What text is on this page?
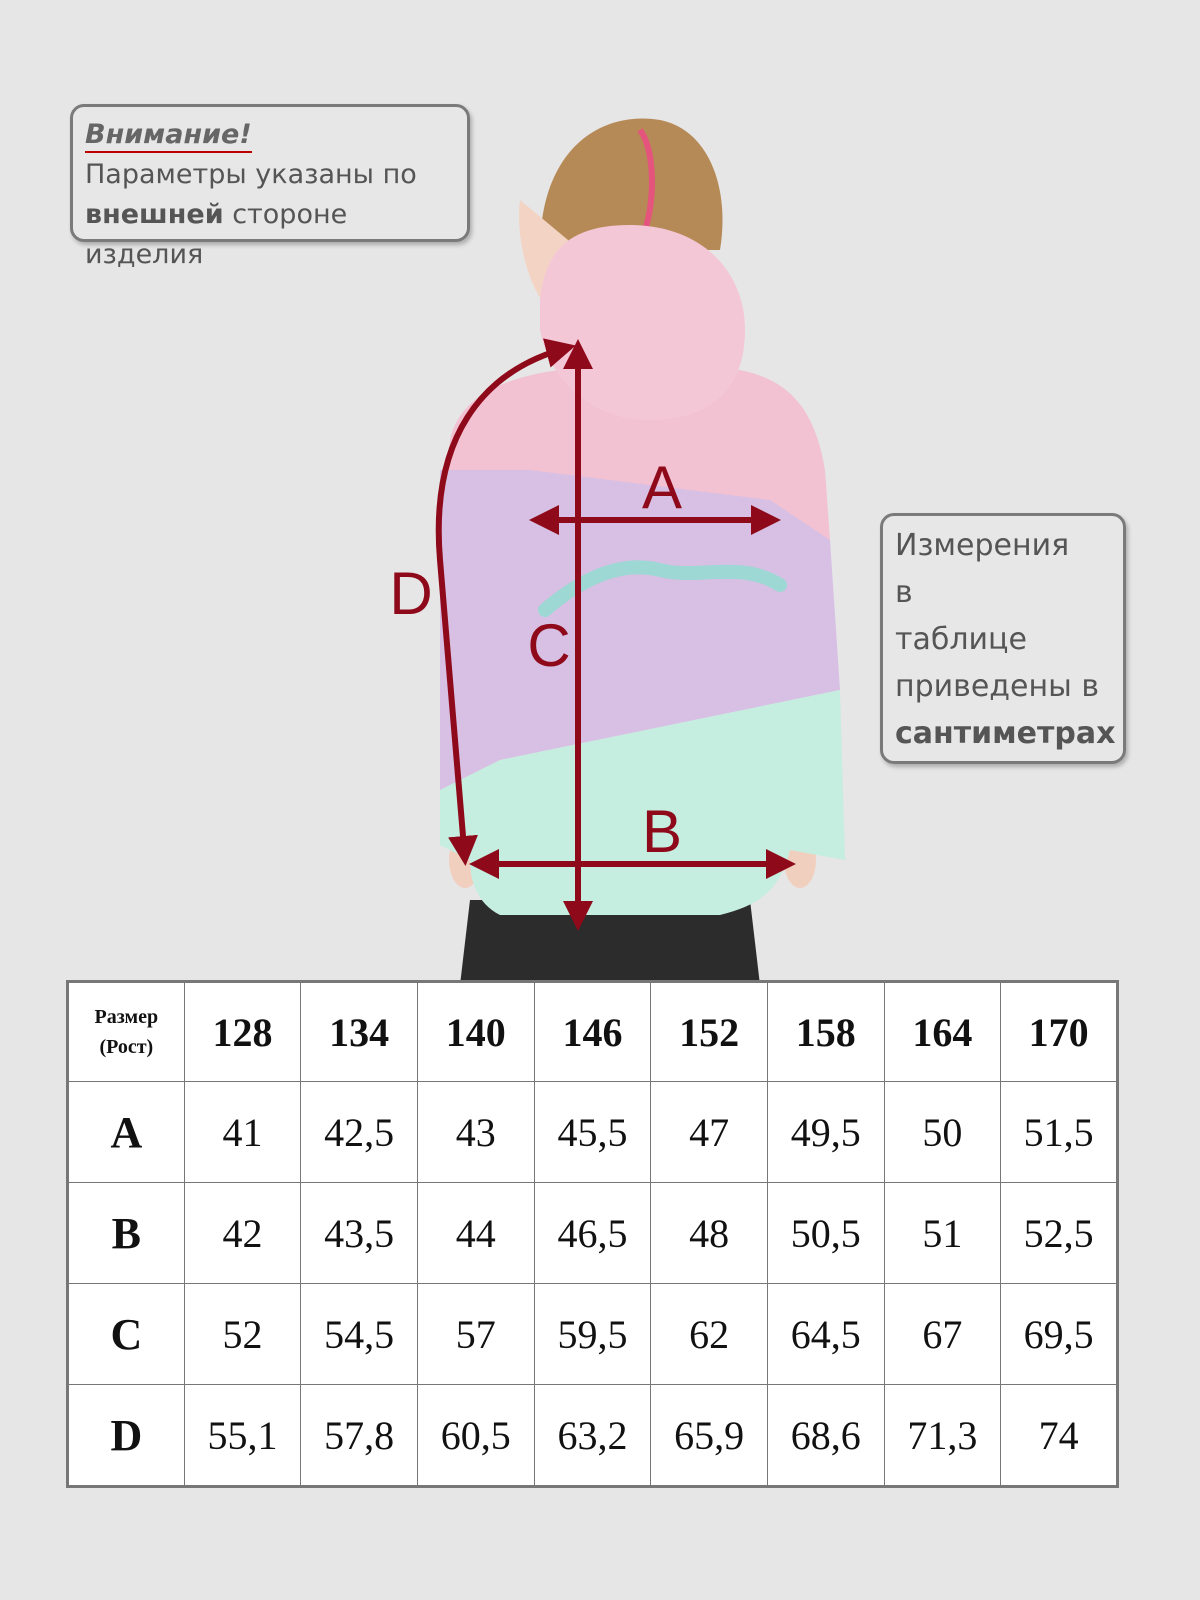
A
B
C
D
Внимание!
Параметры указаны по
внешней стороне изделия
Измерения
в
таблице
приведены в
сантиметрах
Размер
(Рост)	128	134	140	146	152	158	164	170
A	41	42,5	43	45,5	47	49,5	50	51,5
B	42	43,5	44	46,5	48	50,5	51	52,5
C	52	54,5	57	59,5	62	64,5	67	69,5
D	55,1	57,8	60,5	63,2	65,9	68,6	71,3	74
